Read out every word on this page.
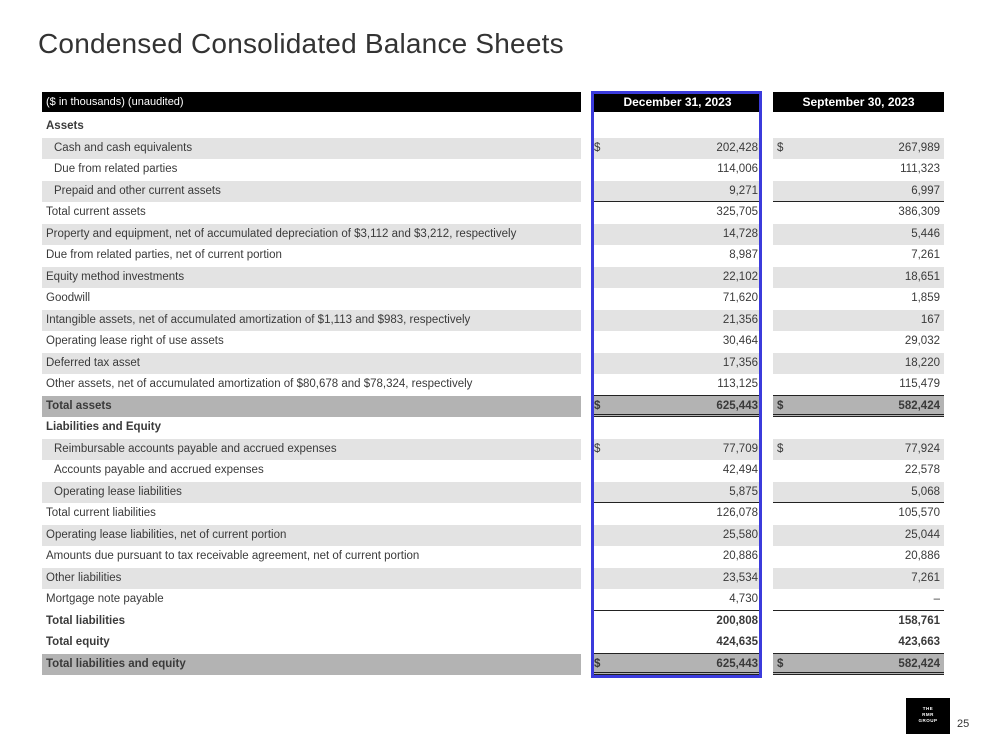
Condensed Consolidated Balance Sheets
($ in thousands) (unaudited)	December 31, 2023	September 30, 2023
Assets
Cash and cash equivalents	$	202,428	$	267,989
Due from related parties	114,006	111,323
Prepaid and other current assets	9,271	6,997
Total current assets	325,705	386,309
Property and equipment, net of accumulated depreciation of $3,112 and $3,212, respectively	14,728	5,446
Due from related parties, net of current portion	8,987	7,261
Equity method investments	22,102	18,651
Goodwill	71,620	1,859
Intangible assets, net of accumulated amortization of $1,113 and $983, respectively	21,356	167
Operating lease right of use assets	30,464	29,032
Deferred tax asset	17,356	18,220
Other assets, net of accumulated amortization of $80,678 and $78,324, respectively	113,125	115,479
Total assets	$	625,443	$	582,424
Liabilities and Equity
Reimbursable accounts payable and accrued expenses	$	77,709	$	77,924
Accounts payable and accrued expenses	42,494	22,578
Operating lease liabilities	5,875	5,068
Total current liabilities	126,078	105,570
Operating lease liabilities, net of current portion	25,580	25,044
Amounts due pursuant to tax receivable agreement, net of current portion	20,886	20,886
Other liabilities	23,534	7,261
Mortgage note payable	4,730	–
Total liabilities	200,808	158,761
Total equity	424,635	423,663
Total liabilities and equity	$	625,443	$	582,424
THE
RMR
GROUP	25
